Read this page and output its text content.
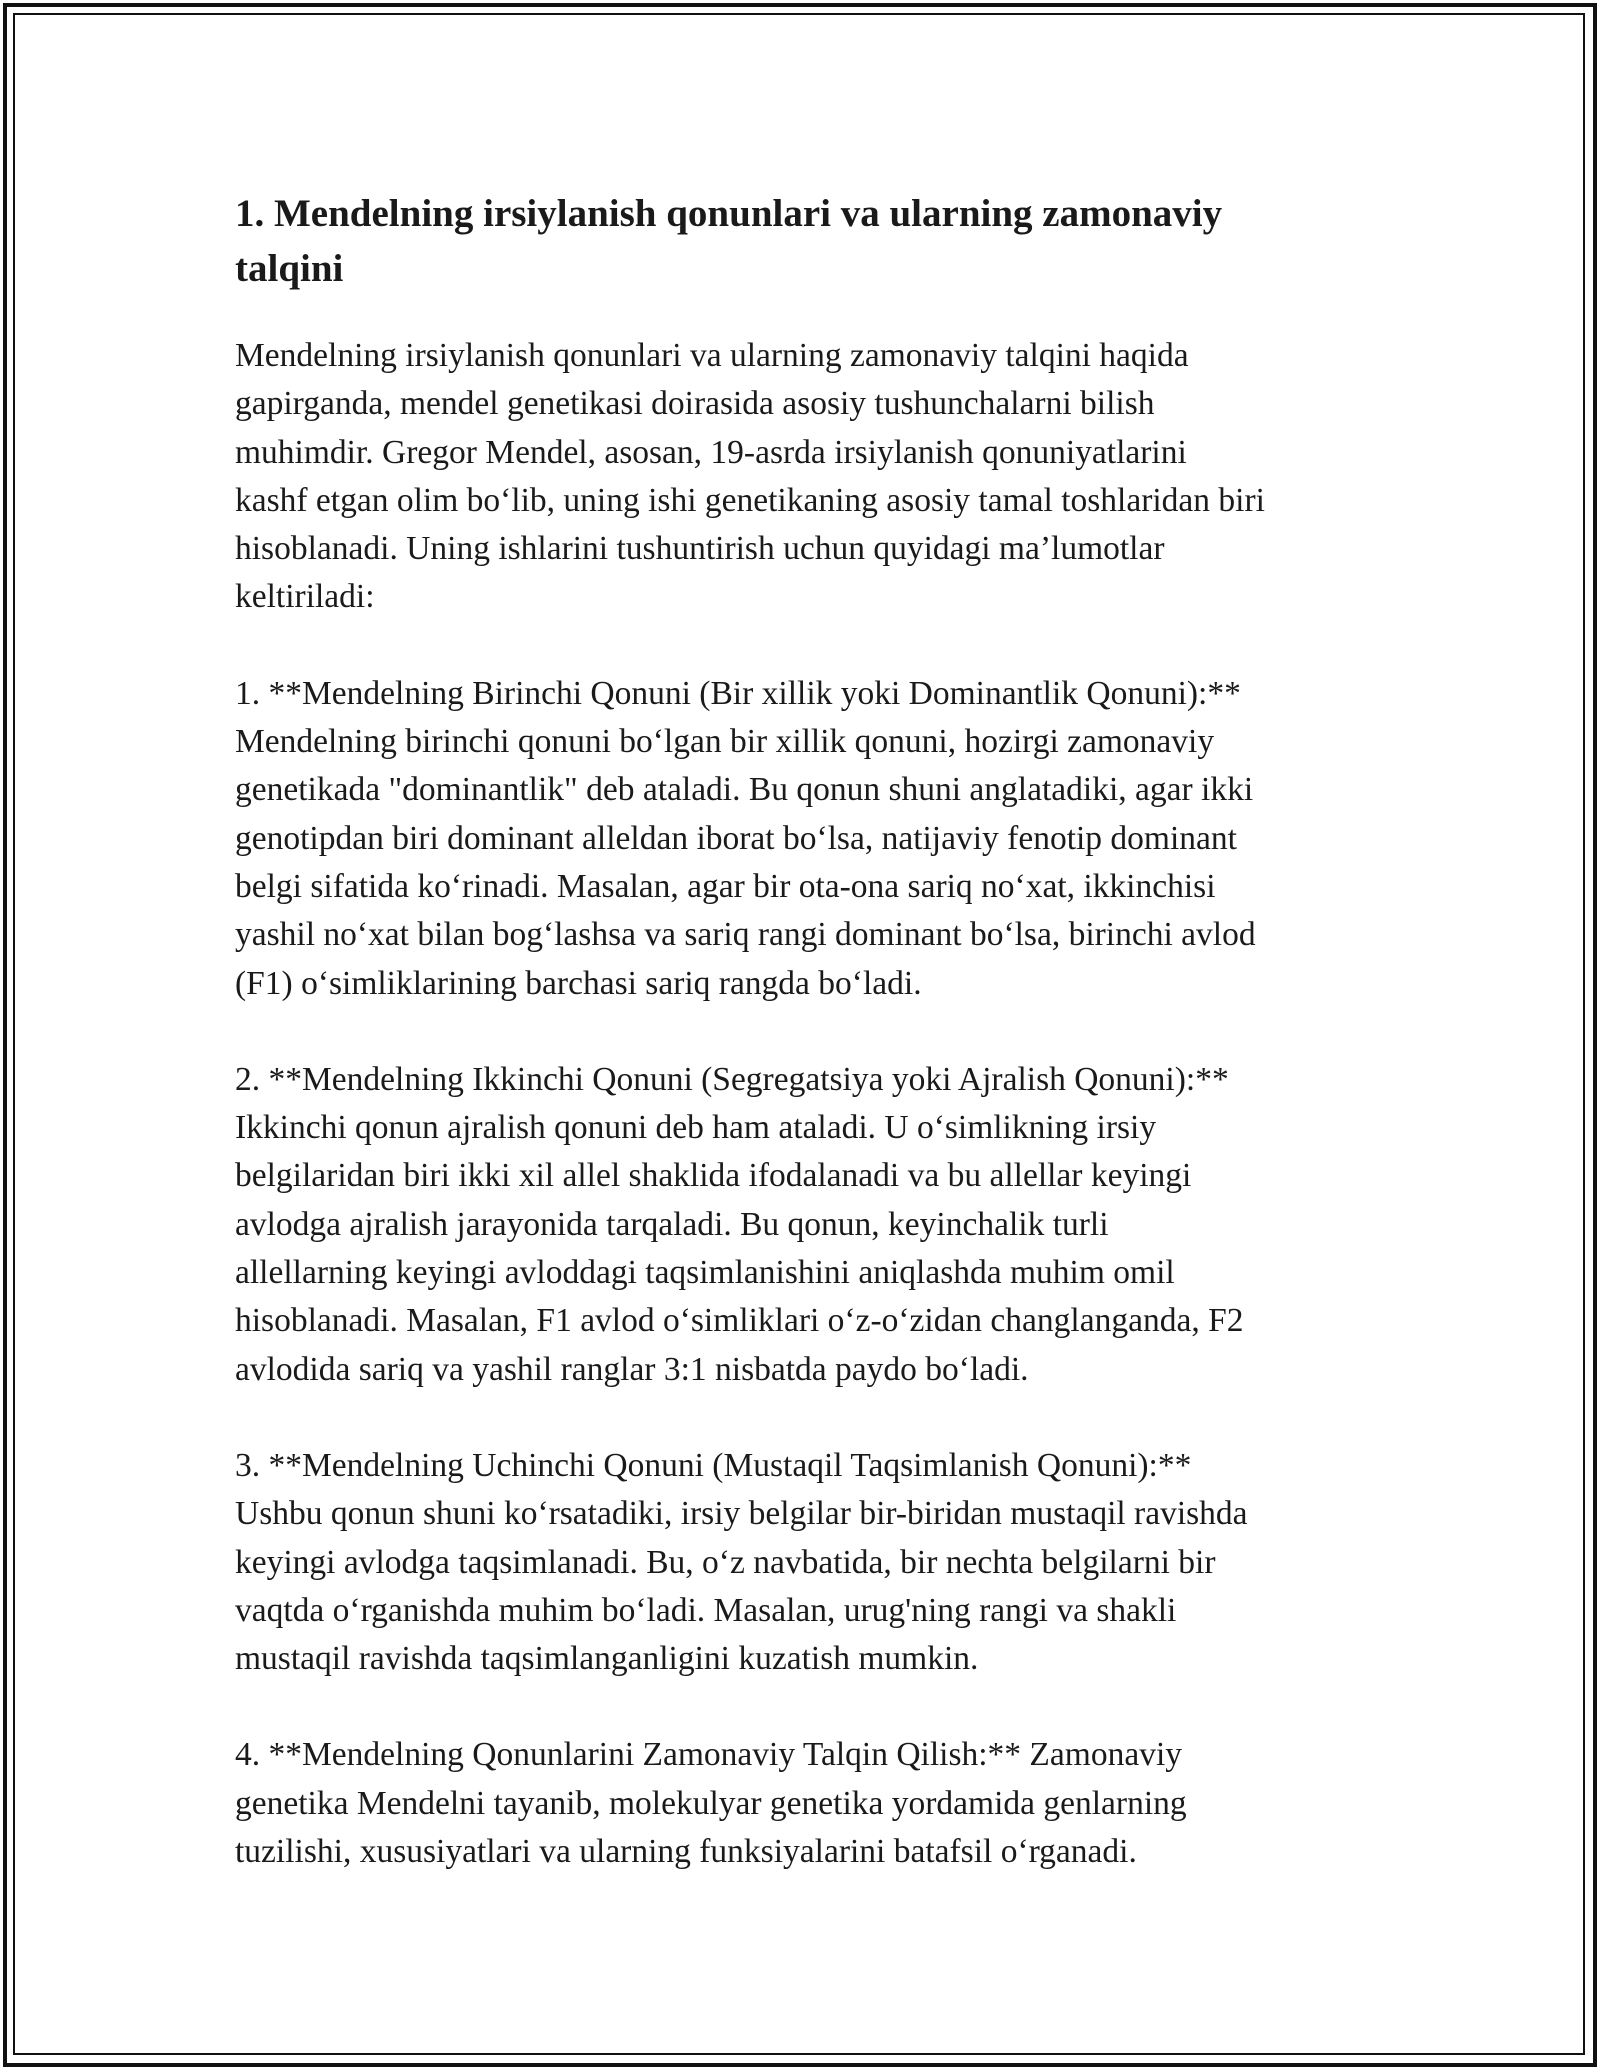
1. Mendelning irsiylanish qonunlari va ularning zamonaviy
talqini

Mendelning irsiylanish qonunlari va ularning zamonaviy talqini haqida
gapirganda, mendel genetikasi doirasida asosiy tushunchalarni bilish
muhimdir. Gregor Mendel, asosan, 19-asrda irsiylanish qonuniyatlarini
kashf etgan olim bo‘lib, uning ishi genetikaning asosiy tamal toshlaridan biri
hisoblanadi. Uning ishlarini tushuntirish uchun quyidagi ma’lumotlar
keltiriladi:

1. **Mendelning Birinchi Qonuni (Bir xillik yoki Dominantlik Qonuni):**
Mendelning birinchi qonuni bo‘lgan bir xillik qonuni, hozirgi zamonaviy
genetikada "dominantlik" deb ataladi. Bu qonun shuni anglatadiki, agar ikki
genotipdan biri dominant alleldan iborat bo‘lsa, natijaviy fenotip dominant
belgi sifatida ko‘rinadi. Masalan, agar bir ota-ona sariq no‘xat, ikkinchisi
yashil no‘xat bilan bog‘lashsa va sariq rangi dominant bo‘lsa, birinchi avlod
(F1) o‘simliklarining barchasi sariq rangda bo‘ladi.

2. **Mendelning Ikkinchi Qonuni (Segregatsiya yoki Ajralish Qonuni):**
Ikkinchi qonun ajralish qonuni deb ham ataladi. U o‘simlikning irsiy
belgilaridan biri ikki xil allel shaklida ifodalanadi va bu allellar keyingi
avlodga ajralish jarayonida tarqaladi. Bu qonun, keyinchalik turli
allellarning keyingi avloddagi taqsimlanishini aniqlashda muhim omil
hisoblanadi. Masalan, F1 avlod o‘simliklari o‘z-o‘zidan changlanganda, F2
avlodida sariq va yashil ranglar 3:1 nisbatda paydo bo‘ladi.

3. **Mendelning Uchinchi Qonuni (Mustaqil Taqsimlanish Qonuni):**
Ushbu qonun shuni ko‘rsatadiki, irsiy belgilar bir-biridan mustaqil ravishda
keyingi avlodga taqsimlanadi. Bu, o‘z navbatida, bir nechta belgilarni bir
vaqtda o‘rganishda muhim bo‘ladi. Masalan, urug'ning rangi va shakli
mustaqil ravishda taqsimlanganligini kuzatish mumkin.

4. **Mendelning Qonunlarini Zamonaviy Talqin Qilish:** Zamonaviy
genetika Mendelni tayanib, molekulyar genetika yordamida genlarning
tuzilishi, xususiyatlari va ularning funksiyalarini batafsil o‘rganadi.
